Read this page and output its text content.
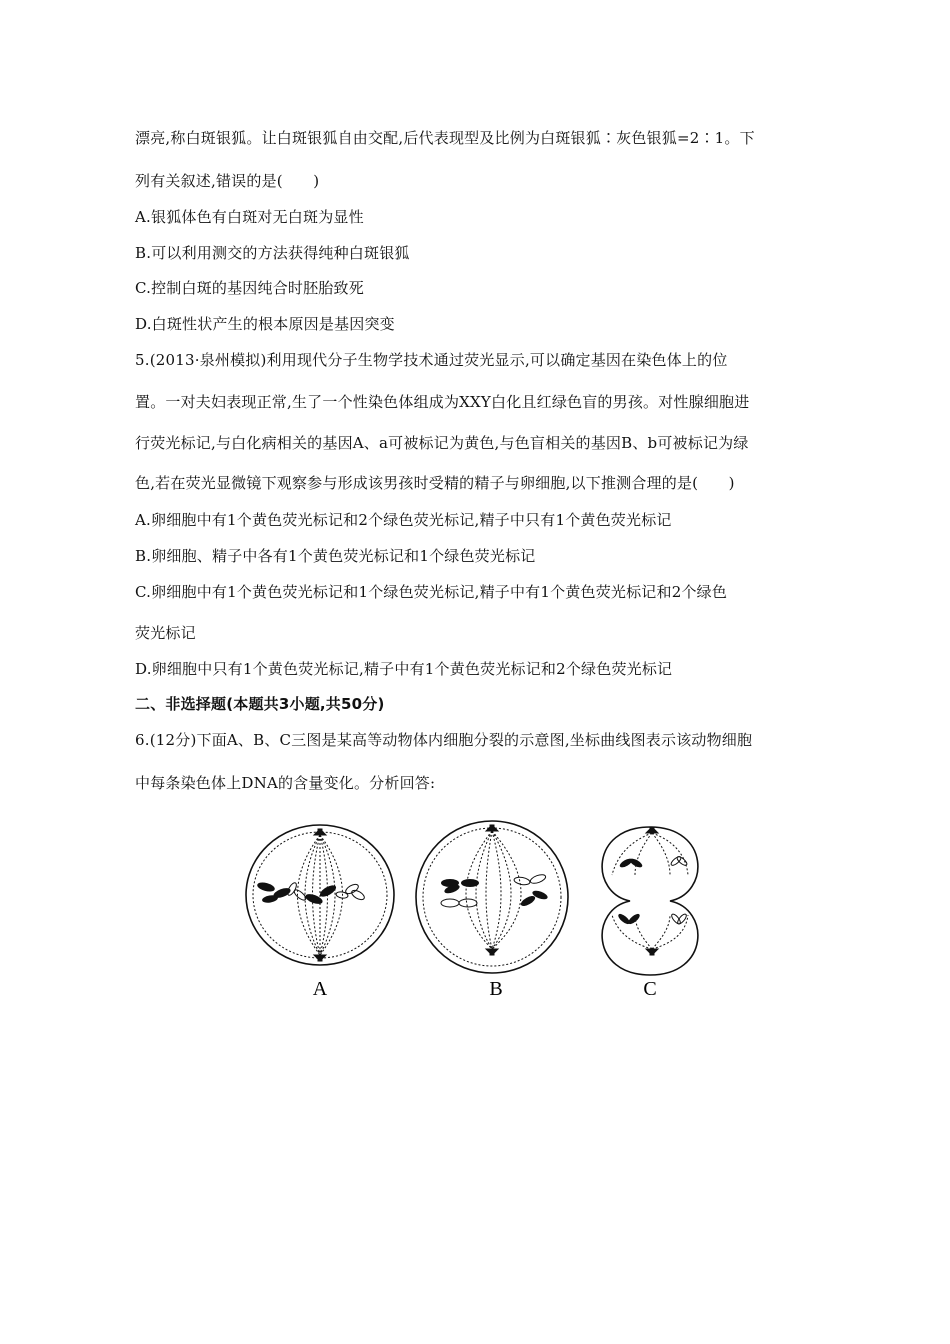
漂亮,称白斑银狐。让白斑银狐自由交配,后代表现型及比例为白斑银狐∶灰色银狐=2∶1。下
列有关叙述,错误的是(　　)
A.银狐体色有白斑对无白斑为显性
B.可以利用测交的方法获得纯种白斑银狐
C.控制白斑的基因纯合时胚胎致死
D.白斑性状产生的根本原因是基因突变
5.(2013·泉州模拟)利用现代分子生物学技术通过荧光显示,可以确定基因在染色体上的位
置。一对夫妇表现正常,生了一个性染色体组成为XXY白化且红绿色盲的男孩。对性腺细胞进
行荧光标记,与白化病相关的基因A、a可被标记为黄色,与色盲相关的基因B、b可被标记为绿
色,若在荧光显微镜下观察参与形成该男孩时受精的精子与卵细胞,以下推测合理的是(　　)
A.卵细胞中有1个黄色荧光标记和2个绿色荧光标记,精子中只有1个黄色荧光标记
B.卵细胞、精子中各有1个黄色荧光标记和1个绿色荧光标记
C.卵细胞中有1个黄色荧光标记和1个绿色荧光标记,精子中有1个黄色荧光标记和2个绿色
荧光标记
D.卵细胞中只有1个黄色荧光标记,精子中有1个黄色荧光标记和2个绿色荧光标记
二、非选择题(本题共3小题,共50分)
6.(12分)下面A、B、C三图是某高等动物体内细胞分裂的示意图,坐标曲线图表示该动物细胞
中每条染色体上DNA的含量变化。分析回答:
A	B	C
